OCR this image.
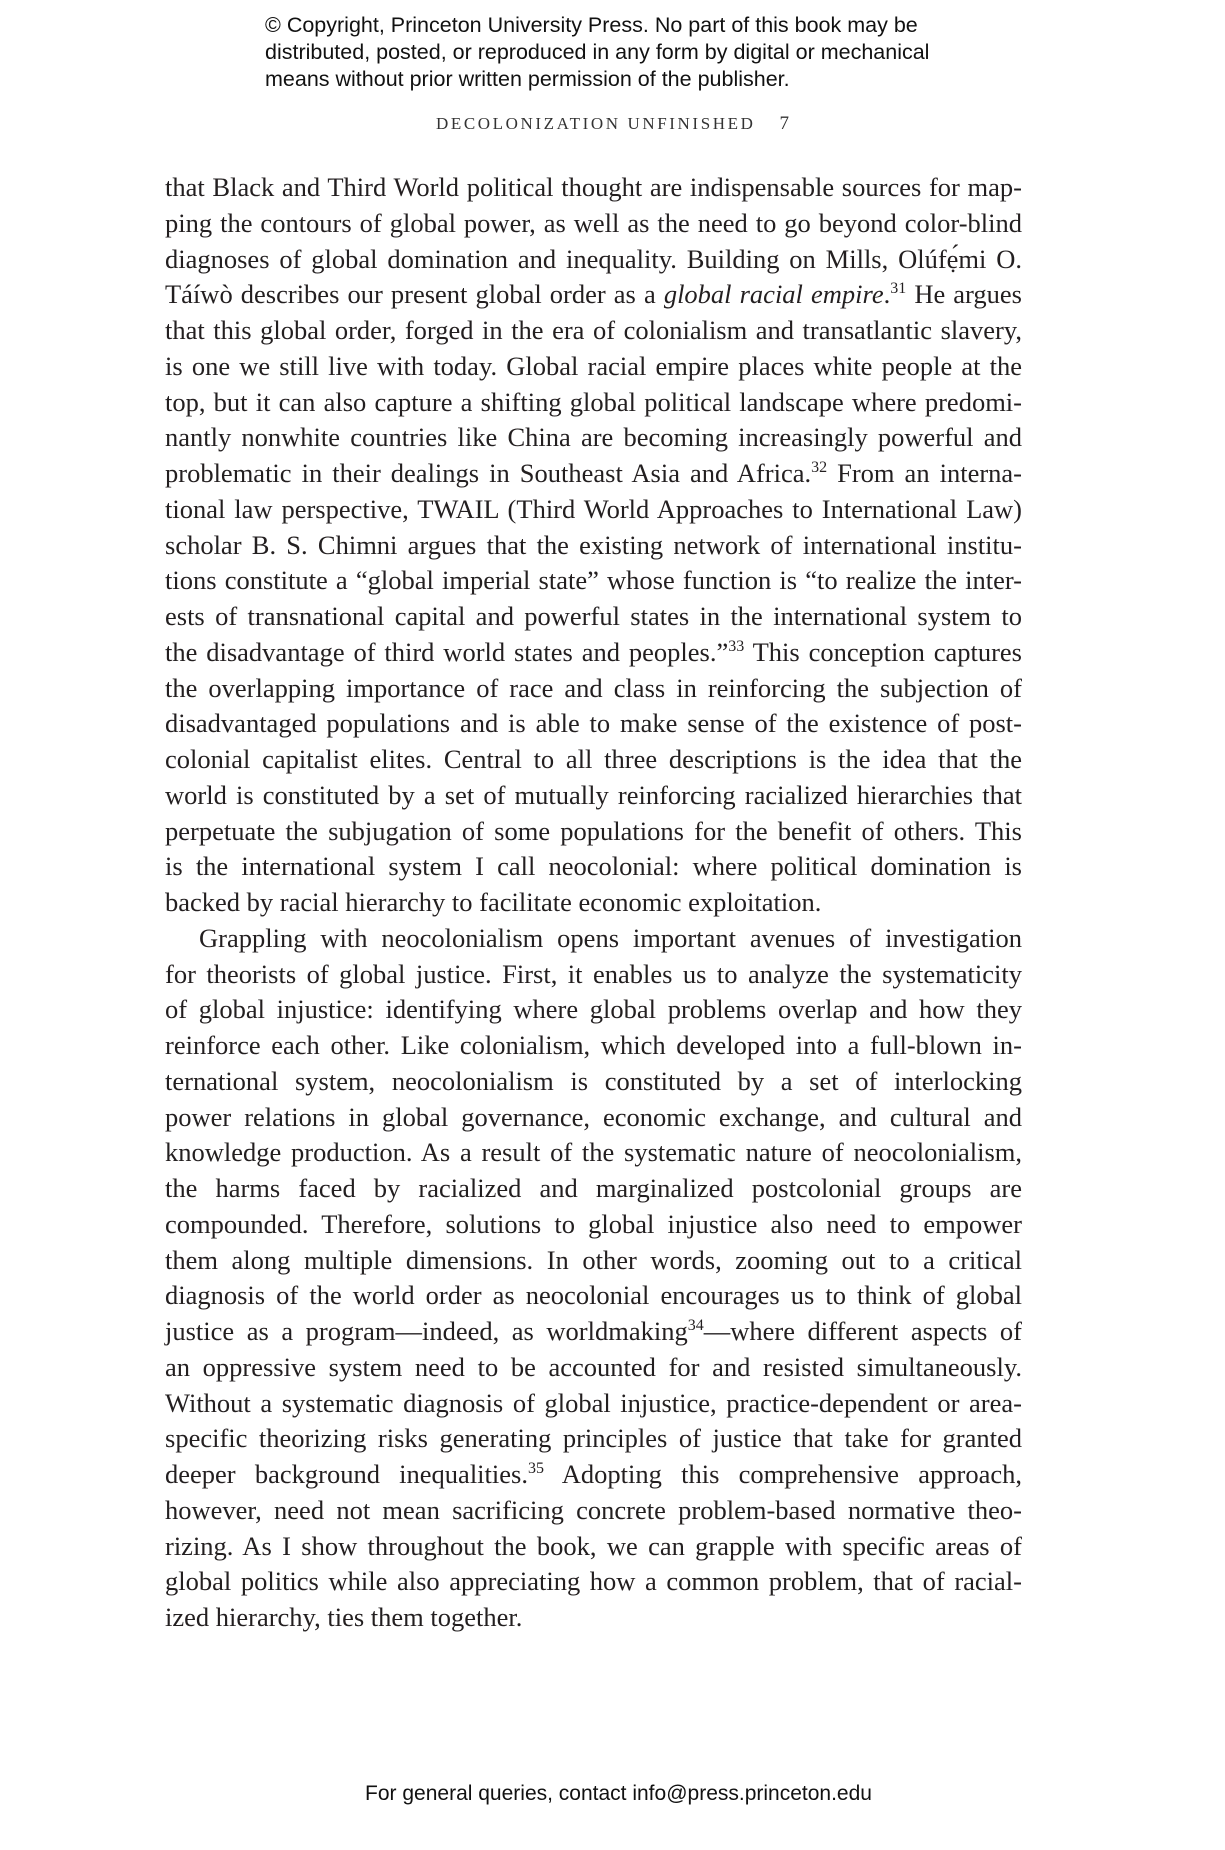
© Copyright, Princeton University Press. No part of this book may be
distributed, posted, or reproduced in any form by digital or mechanical
means without prior written permission of the publisher.
DECOLONIZATION UNFINISHED 7
that Black and Third World political thought are indispensable sources for map-
ping the contours of global power, as well as the need to go beyond color-blind
diagnoses of global domination and inequality. Building on Mills, Olúfẹ́mi O.
Táíwò describes our present global order as a global racial empire.$^{31}$ He argues
that this global order, forged in the era of colonialism and transatlantic slavery,
is one we still live with today. Global racial empire places white people at the
top, but it can also capture a shifting global political landscape where predomi-
nantly nonwhite countries like China are becoming increasingly powerful and
problematic in their dealings in Southeast Asia and Africa.$^{32}$ From an interna-
tional law perspective, TWAIL (Third World Approaches to International Law)
scholar B. S. Chimni argues that the existing network of international institu-
tions constitute a “global imperial state” whose function is “to realize the inter-
ests of transnational capital and powerful states in the international system to
the disadvantage of third world states and peoples.”$^{33}$ This conception captures
the overlapping importance of race and class in reinforcing the subjection of
disadvantaged populations and is able to make sense of the existence of post-
colonial capitalist elites. Central to all three descriptions is the idea that the
world is constituted by a set of mutually reinforcing racialized hierarchies that
perpetuate the subjugation of some populations for the benefit of others. This
is the international system I call neocolonial: where political domination is
backed by racial hierarchy to facilitate economic exploitation.
Grappling with neocolonialism opens important avenues of investigation
for theorists of global justice. First, it enables us to analyze the systematicity
of global injustice: identifying where global problems overlap and how they
reinforce each other. Like colonialism, which developed into a full-blown in-
ternational system, neocolonialism is constituted by a set of interlocking
power relations in global governance, economic exchange, and cultural and
knowledge production. As a result of the systematic nature of neocolonialism,
the harms faced by racialized and marginalized postcolonial groups are
compounded. Therefore, solutions to global injustice also need to empower
them along multiple dimensions. In other words, zooming out to a critical
diagnosis of the world order as neocolonial encourages us to think of global
justice as a program—indeed, as worldmaking$^{34}$—where different aspects of
an oppressive system need to be accounted for and resisted simultaneously.
Without a systematic diagnosis of global injustice, practice-dependent or area-
specific theorizing risks generating principles of justice that take for granted
deeper background inequalities.$^{35}$ Adopting this comprehensive approach,
however, need not mean sacrificing concrete problem-based normative theo-
rizing. As I show throughout the book, we can grapple with specific areas of
global politics while also appreciating how a common problem, that of racial-
ized hierarchy, ties them together.
For general queries, contact info@press.princeton.edu
